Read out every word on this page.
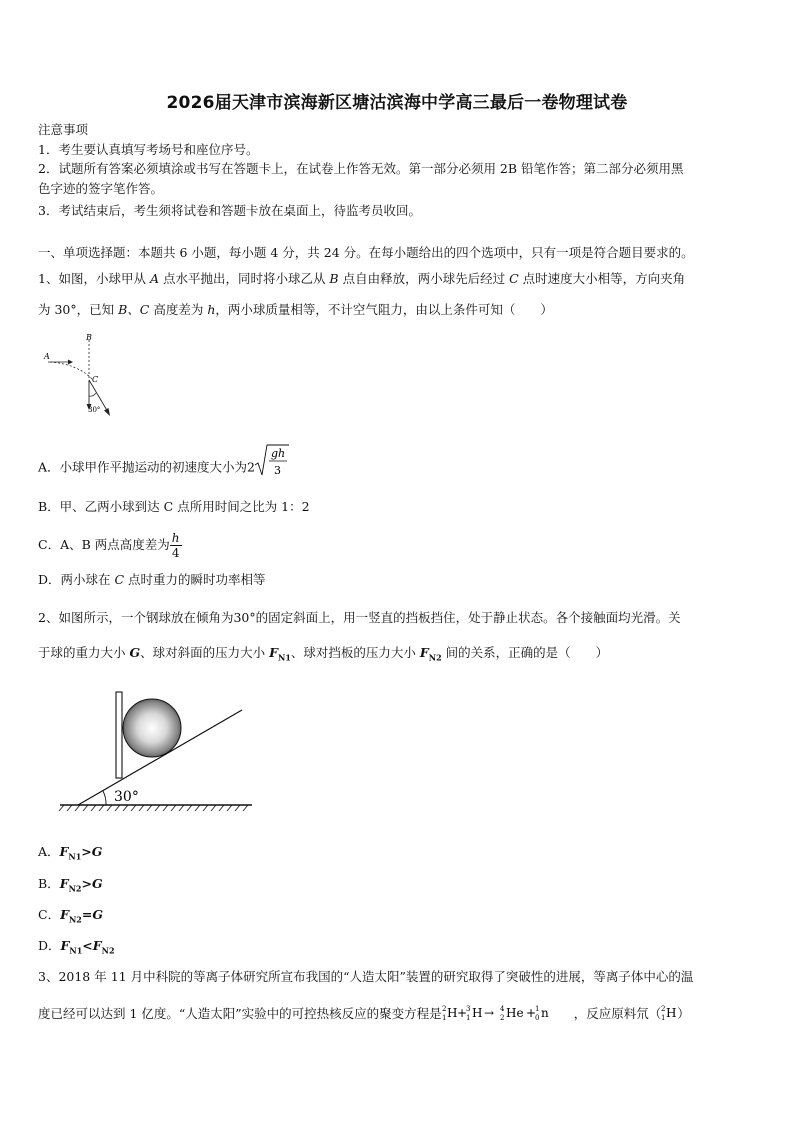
2026届天津市滨海新区塘沽滨海中学高三最后一卷物理试卷
注意事项
1．考生要认真填写考场号和座位序号。
2．试题所有答案必须填涂或书写在答题卡上，在试卷上作答无效。第一部分必须用 2B 铅笔作答；第二部分必须用黑
色字迹的签字笔作答。
3．考试结束后，考生须将试卷和答题卡放在桌面上，待监考员收回。
一、单项选择题：本题共 6 小题，每小题 4 分，共 24 分。在每小题给出的四个选项中，只有一项是符合题目要求的。
1、如图，小球甲从 A 点水平抛出，同时将小球乙从 B 点自由释放，两小球先后经过 C 点时速度大小相等，方向夹角
为 30°，已知 B、C 高度差为 h，两小球质量相等，不计空气阻力，由以上条件可知（　　）
A
B
C
30°
A．小球甲作平抛运动的初速度大小为2
gh
3
B．甲、乙两小球到达 C 点所用时间之比为 1：2
C．A、B 两点高度差为 $\frac{h}{4}$
D．两小球在 C 点时重力的瞬时功率相等
2、如图所示，一个钢球放在倾角为30°的固定斜面上，用一竖直的挡板挡住，处于静止状态。各个接触面均光滑。关
于球的重力大小 G、球对斜面的压力大小 $F_{N1}$、球对挡板的压力大小 $F_{N2}$ 间的关系，正确的是（　　）
30°
A．$F_{N1}>G$
B．$F_{N2}>G$
C．$F_{N2}=G$
D．$F_{N1}<F_{N2}$
3、2018 年 11 月中科院的等离子体研究所宣布我国的“人造太阳”装置的研究取得了突破性的进展，等离子体中心的温
度已经可以达到 1 亿度。“人造太阳”实验中的可控热核反应的聚变方程是 2
1 H +
3
1 H → 4
2 He +
1
0 n ，反应原料氘（ 2
1 H ）
